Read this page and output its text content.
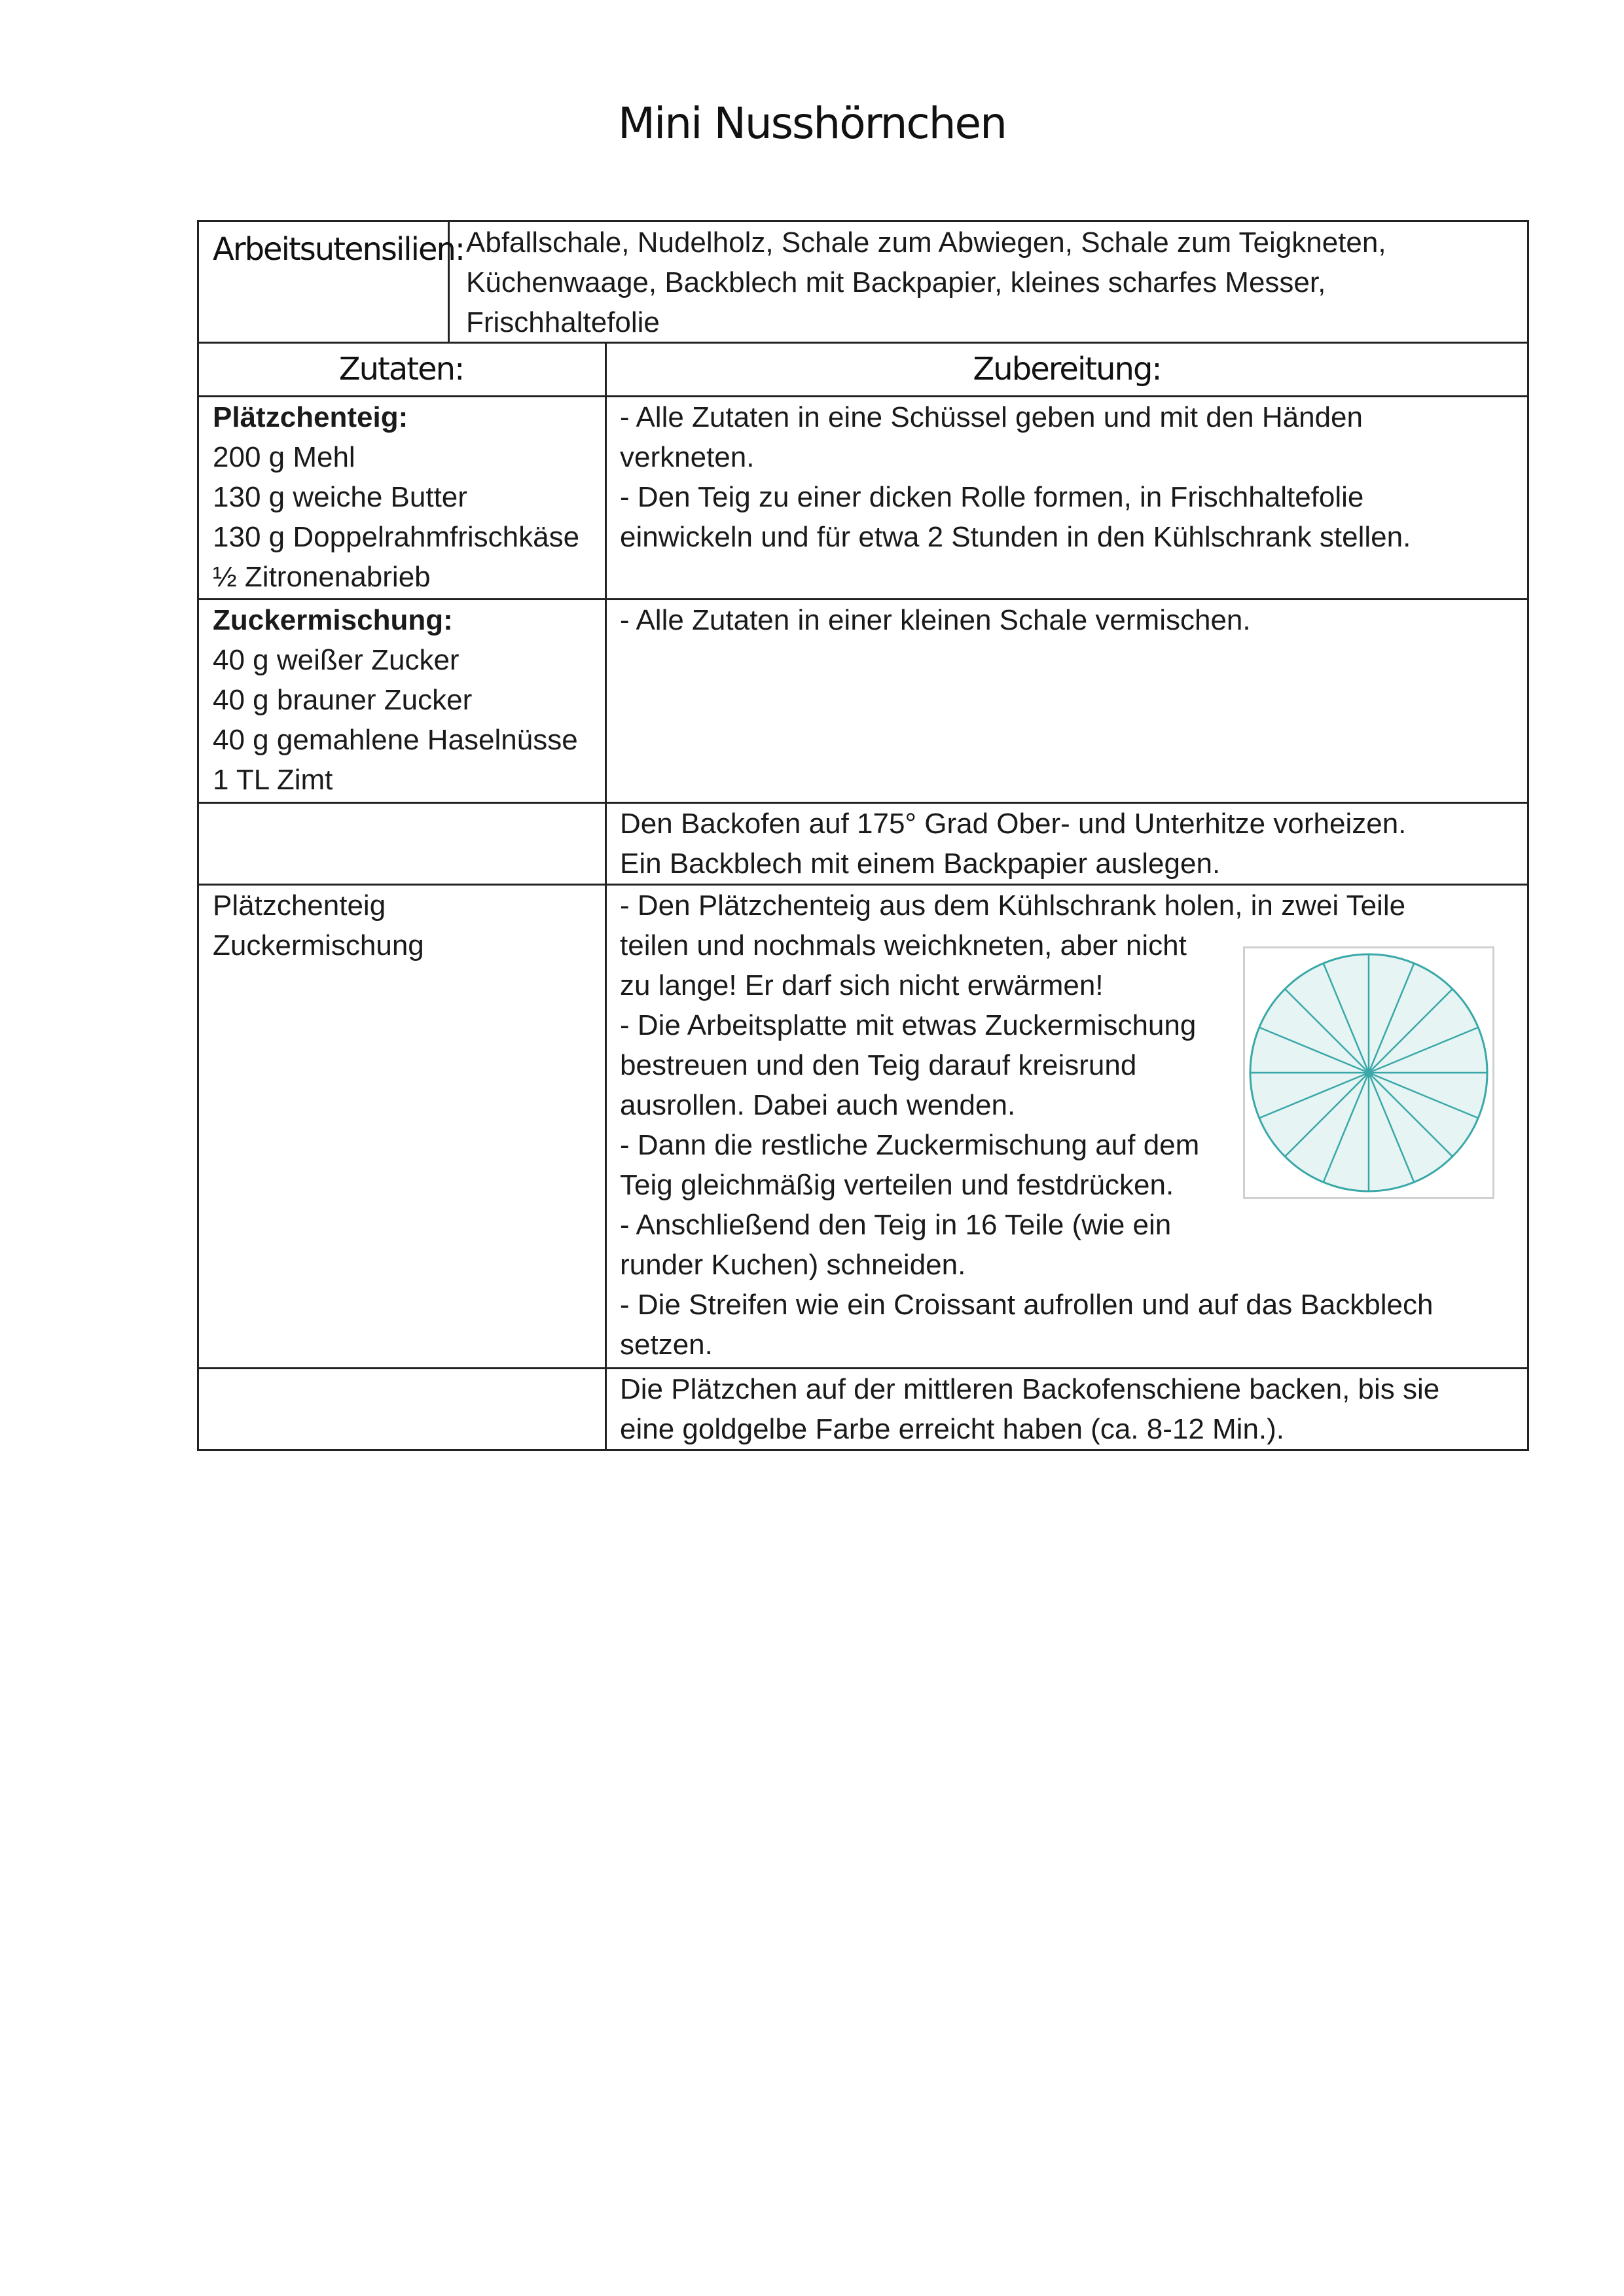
Mini Nusshörnchen
Arbeitsutensilien: Abfallschale, Nudelholz, Schale zum Abwiegen, Schale zum Teigkneten,
Küchenwaage, Backblech mit Backpapier, kleines scharfes Messer,
Frischhaltefolie
Zutaten:	Zubereitung:
Plätzchenteig:
200 g Mehl
130 g weiche Butter
130 g Doppelrahmfrischkäse
½ Zitronenabrieb
- Alle Zutaten in eine Schüssel geben und mit den Händen
verkneten.
- Den Teig zu einer dicken Rolle formen, in Frischhaltefolie
einwickeln und für etwa 2 Stunden in den Kühlschrank stellen.
Zuckermischung:
40 g weißer Zucker
40 g brauner Zucker
40 g gemahlene Haselnüsse
1 TL Zimt
- Alle Zutaten in einer kleinen Schale vermischen.
Den Backofen auf 175° Grad Ober- und Unterhitze vorheizen.
Ein Backblech mit einem Backpapier auslegen.
Plätzchenteig
Zuckermischung
- Den Plätzchenteig aus dem Kühlschrank holen, in zwei Teile
teilen und nochmals weichkneten, aber nicht
zu lange! Er darf sich nicht erwärmen!
- Die Arbeitsplatte mit etwas Zuckermischung
bestreuen und den Teig darauf kreisrund
ausrollen. Dabei auch wenden.
- Dann die restliche Zuckermischung auf dem
Teig gleichmäßig verteilen und festdrücken.
- Anschließend den Teig in 16 Teile (wie ein
runder Kuchen) schneiden.
- Die Streifen wie ein Croissant aufrollen und auf das Backblech
setzen.
Die Plätzchen auf der mittleren Backofenschiene backen, bis sie
eine goldgelbe Farbe erreicht haben (ca. 8-12 Min.).
